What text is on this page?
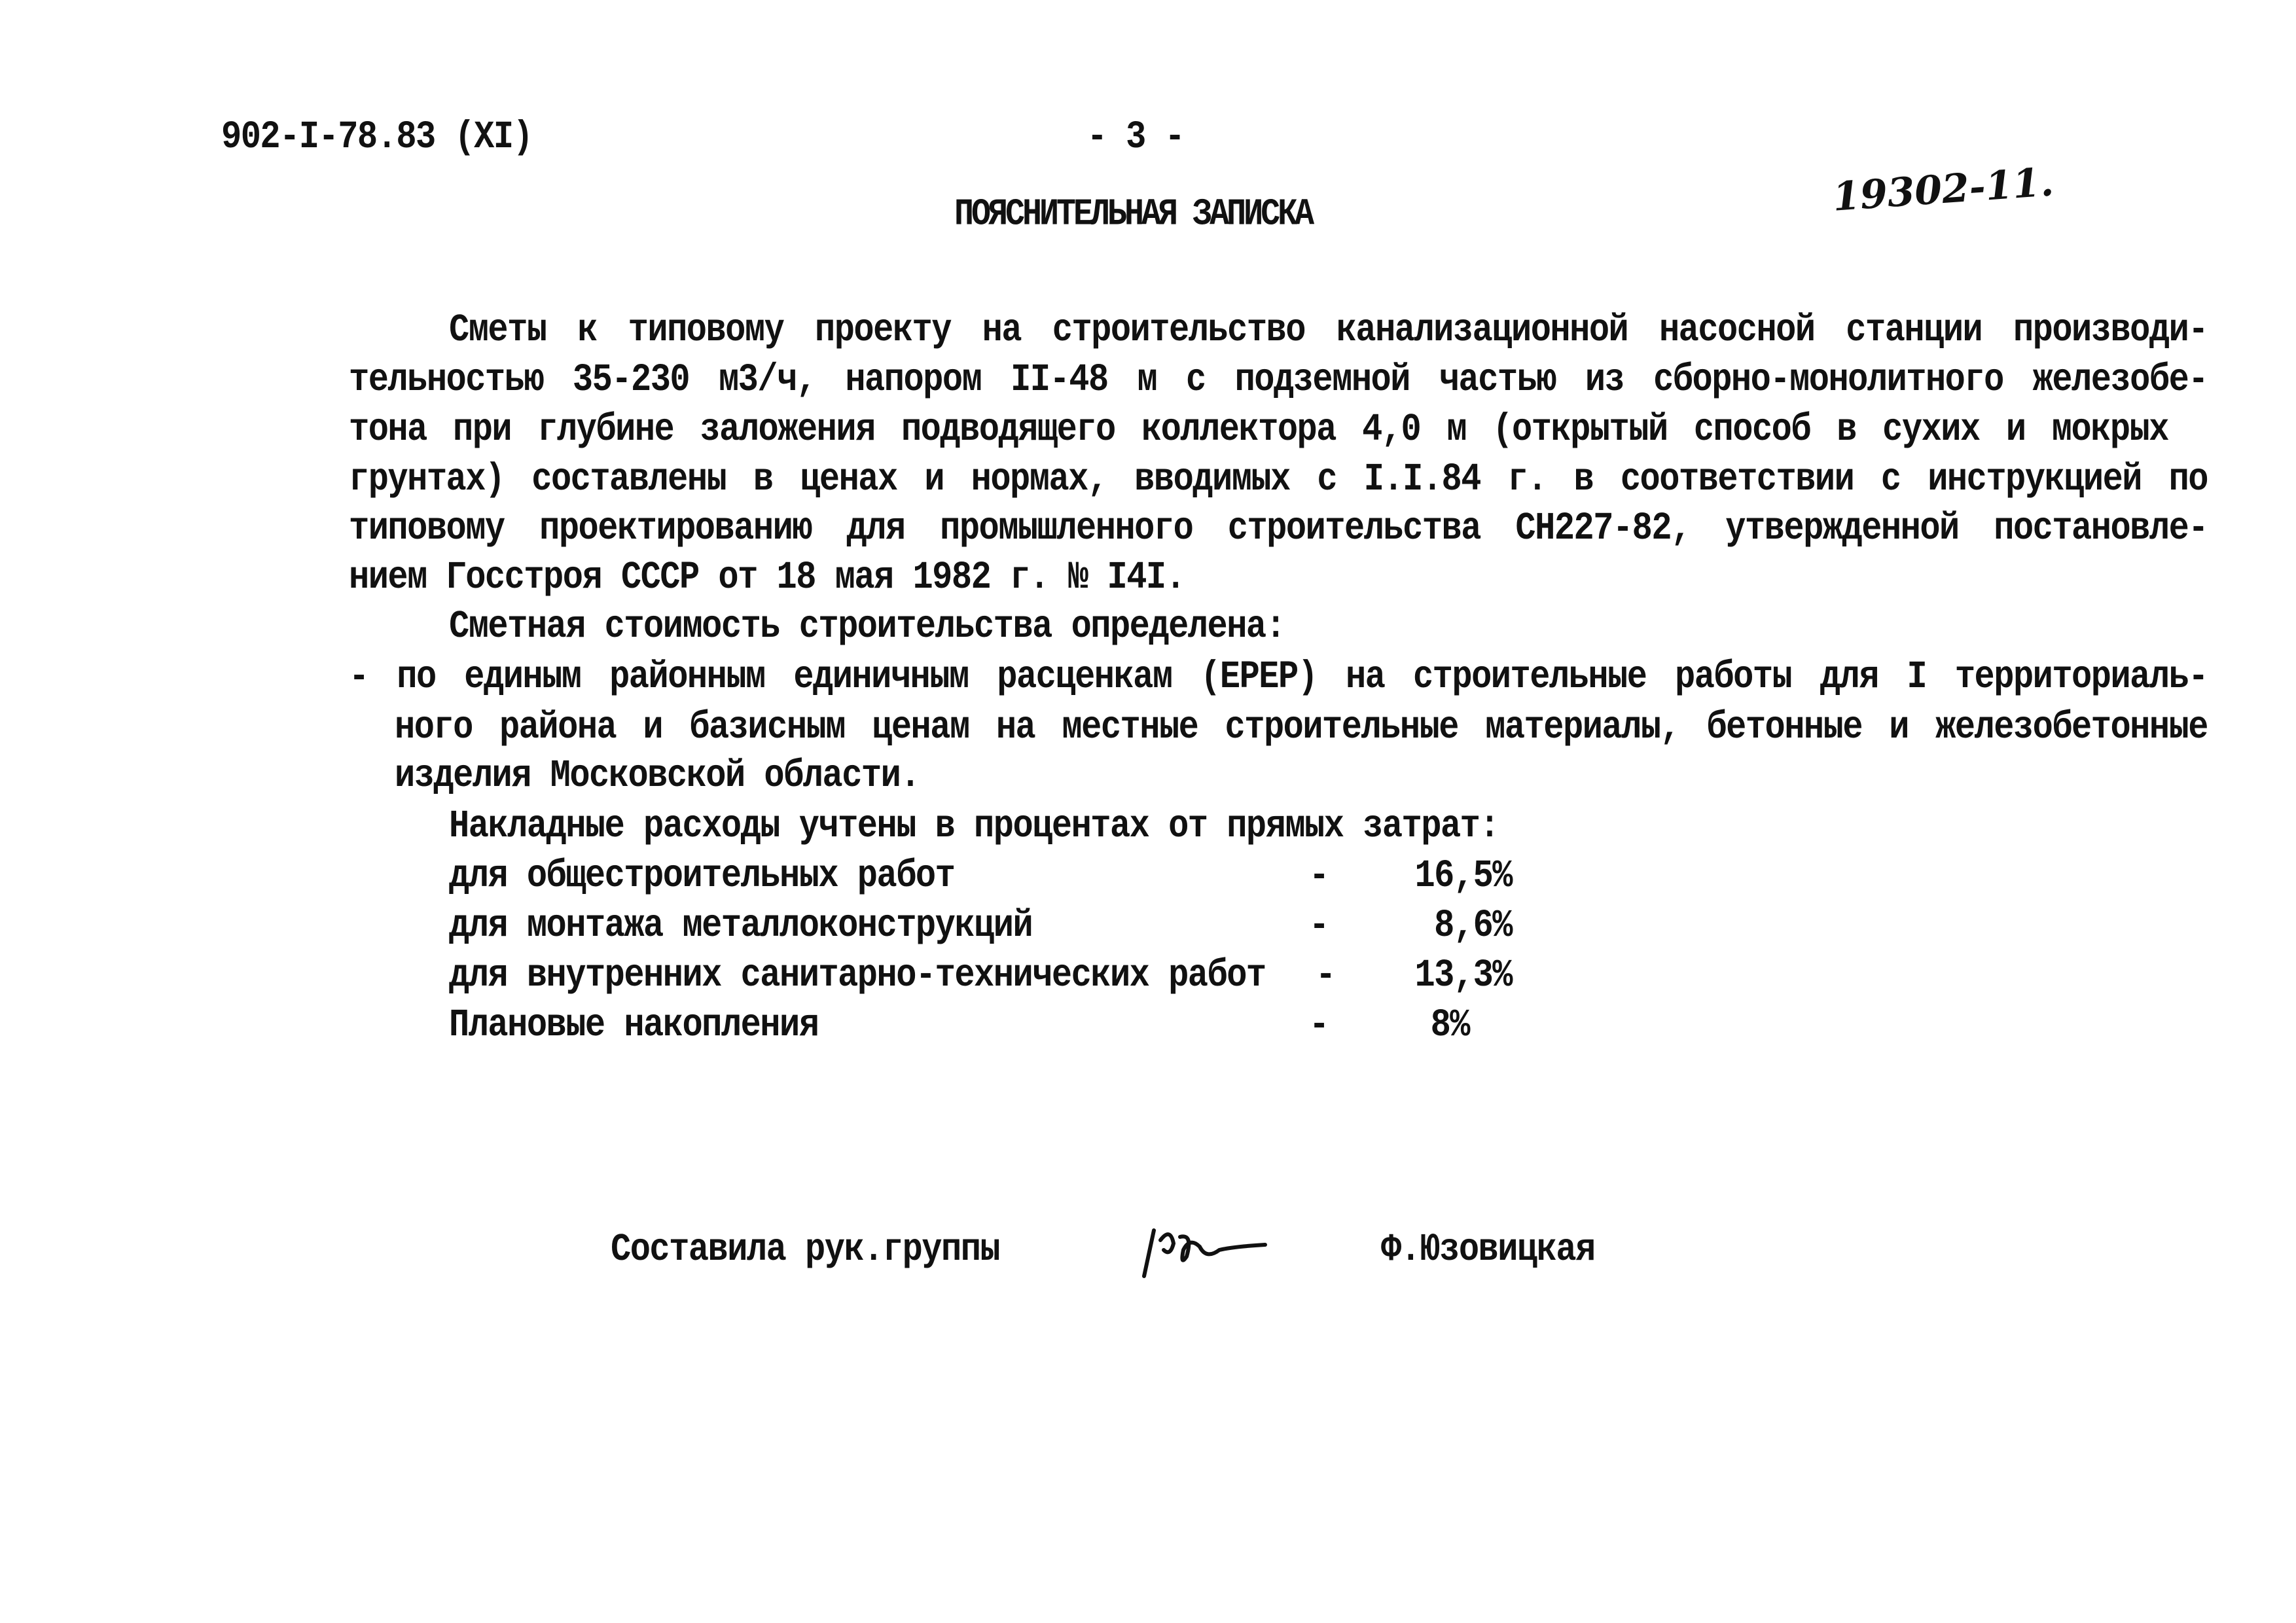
902-I-78.83 (XI)	- 3 -
19302-11.
ПОЯСНИТЕЛЬНАЯ ЗАПИСКА
Сметы к типовому проекту на строительство канализационной насосной станции производи-
тельностью 35-230 м3/ч, напором II-48 м с подземной частью из сборно-монолитного железобе-
тона при глубине заложения подводящего коллектора 4,0 м (открытый способ в сухих и мокрых
грунтах) составлены в ценах и нормах, вводимых с I.I.84 г. в соответствии с инструкцией по
типовому проектированию для промышленного строительства СН227-82, утвержденной постановле-
нием Госстроя СССР от 18 мая 1982 г. № I4I.
Сметная стоимость строительства определена:
- по единым районным единичным расценкам (ЕРЕР) на строительные работы для I территориаль-
ного района и базисным ценам на местные строительные материалы, бетонные и железобетонные
изделия Московской области.
Накладные расходы учтены в процентах от прямых затрат:
для общестроительных работ	-	16,5%
для монтажа металлоконструкций	-	8,6%
для внутренних санитарно-технических работ -	13,3%
Плановые накопления	-	8%
Составила рук.группы	Ф.Юзовицкая
